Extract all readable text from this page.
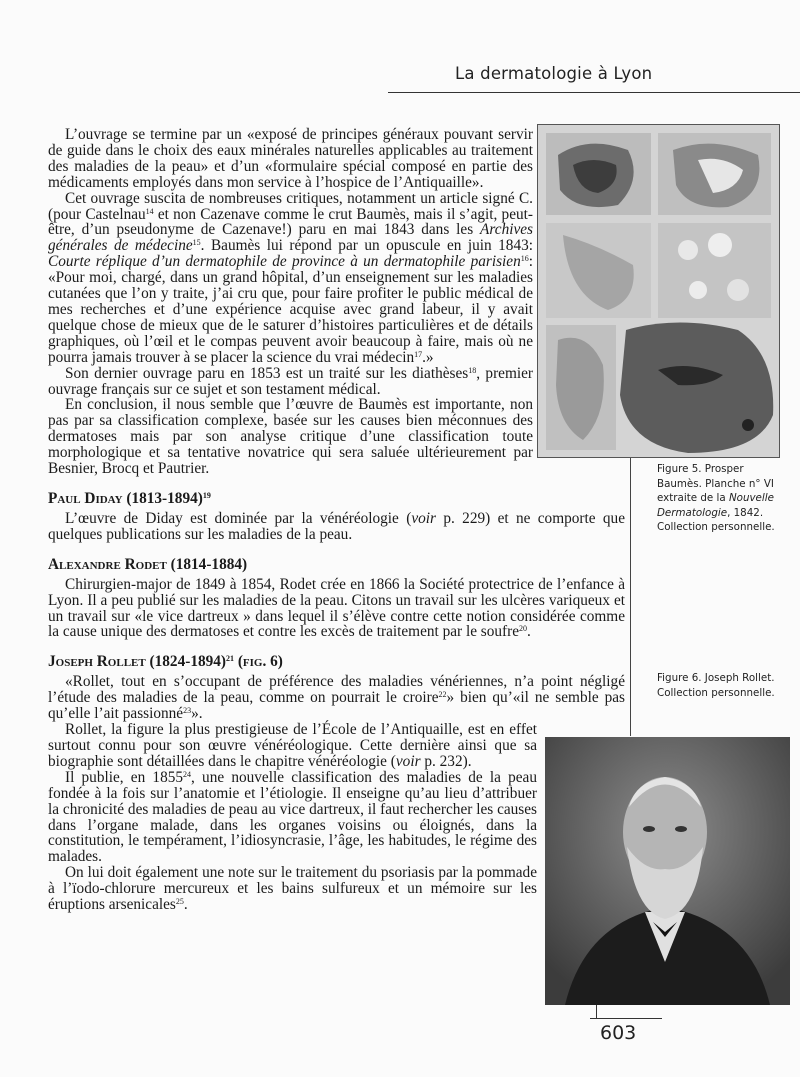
La dermatologie à Lyon

L’ouvrage se termine par un «exposé de principes généraux pouvant servir de guide dans le choix des eaux minérales naturelles applicables au traitement des maladies de la peau» et d’un «formulaire spécial composé en partie des médicaments employés dans mon service à l’hospice de l’Antiquaille».

Cet ouvrage suscita de nombreuses critiques, notamment un article signé C. (pour Castelnau$^{14}$ et non Cazenave comme le crut Baumès, mais il s’agit, peut-être, d’un pseudonyme de Cazenave!) paru en mai 1843 dans les Archives générales de médecine$^{15}$. Baumès lui répond par un opuscule en juin 1843: Courte réplique d’un dermatophile de province à un dermatophile parisien$^{16}$: «Pour moi, chargé, dans un grand hôpital, d’un enseignement sur les maladies cutanées que l’on y traite, j’ai cru que, pour faire profiter le public médical de mes recherches et d’une expérience acquise avec grand labeur, il y avait quelque chose de mieux que de le saturer d’histoires particulières et de détails graphiques, où l’œil et le compas peuvent avoir beaucoup à faire, mais où ne pourra jamais trouver à se placer la science du vrai médecin$^{17}$.»

Son dernier ouvrage paru en 1853 est un traité sur les diathèses$^{18}$, premier ouvrage français sur ce sujet et son testament médical.

En conclusion, il nous semble que l’œuvre de Baumès est importante, non pas par sa classification complexe, basée sur les causes bien méconnues des dermatoses mais par son analyse critique d’une classification toute morphologique et sa tentative novatrice qui sera saluée ultérieurement par Besnier, Brocq et Pautrier.

Paul Diday (1813-1894)$^{19}$

L’œuvre de Diday est dominée par la vénéréologie (voir p. 229) et ne comporte que quelques publications sur les maladies de la peau.

Alexandre Rodet (1814-1884)

Chirurgien-major de 1849 à 1854, Rodet crée en 1866 la Société protectrice de l’enfance à Lyon. Il a peu publié sur les maladies de la peau. Citons un travail sur les ulcères variqueux et un travail sur «le vice dartreux » dans lequel il s’élève contre cette notion considérée comme la cause unique des dermatoses et contre les excès de traitement par le soufre$^{20}$.

Joseph Rollet (1824-1894)$^{21}$ (fig. 6)

«Rollet, tout en s’occupant de préférence des maladies vénériennes, n’a point négligé l’étude des maladies de la peau, comme on pourrait le croire$^{22}$» bien qu’«il ne semble pas qu’elle l’ait passionné$^{23}$».

Rollet, la figure la plus prestigieuse de l’École de l’Antiquaille, est en effet surtout connu pour son œuvre vénéréologique. Cette dernière ainsi que sa biographie sont détaillées dans le chapitre vénéréologie (voir p. 232).

Il publie, en 1855$^{24}$, une nouvelle classification des maladies de la peau fondée à la fois sur l’anatomie et l’étiologie. Il enseigne qu’au lieu d’attribuer la chronicité des maladies de peau au vice dartreux, il faut rechercher les causes dans l’organe malade, dans les organes voisins ou éloignés, dans la constitution, le tempérament, l’idiosyncrasie, l’âge, les habitudes, le régime des malades.

On lui doit également une note sur le traitement du psoriasis par la pommade à l’ïodo-chlorure mercureux et les bains sulfureux et un mémoire sur les éruptions arsenicales$^{25}$.

Figure 5. Prosper Baumès. Planche n° VI extraite de la Nouvelle Dermatologie, 1842. Collection personnelle.
Figure 6. Joseph Rollet. Collection personnelle.
603
